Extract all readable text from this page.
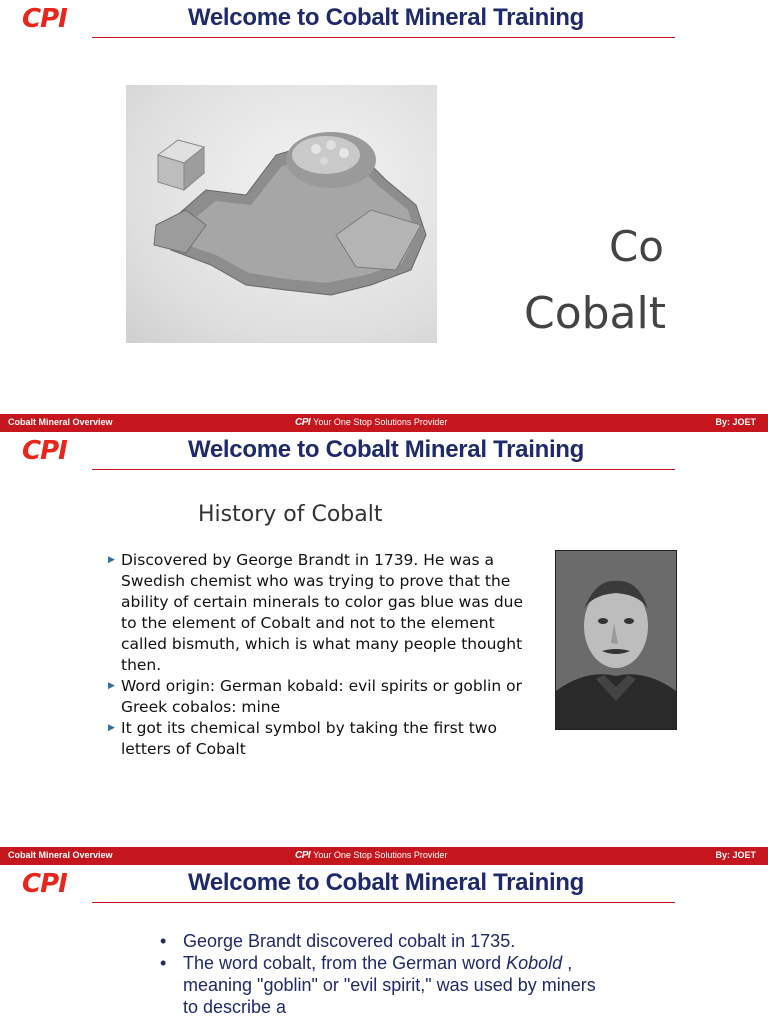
CPI	Welcome to Cobalt Mineral Training
Co
Cobalt
Cobalt Mineral Overview	CPI Your One Stop Solutions Provider	By: JOET
CPI	Welcome to Cobalt Mineral Training
History of Cobalt
▶ Discovered by George Brandt in 1739. He was a Swedish chemist who was trying to prove that the ability of certain minerals to color gas blue was due to the element of Cobalt and not to the element called bismuth, which is what many people thought then.
▶ Word origin: German kobald: evil spirits or goblin or Greek cobalos: mine
▶ It got its chemical symbol by taking the first two letters of Cobalt
Cobalt Mineral Overview	CPI Your One Stop Solutions Provider	By: JOET
CPI	Welcome to Cobalt Mineral Training
• George Brandt discovered cobalt in 1735.
• The word cobalt, from the German word Kobold , meaning "goblin" or "evil spirit," was used by miners to describe a
